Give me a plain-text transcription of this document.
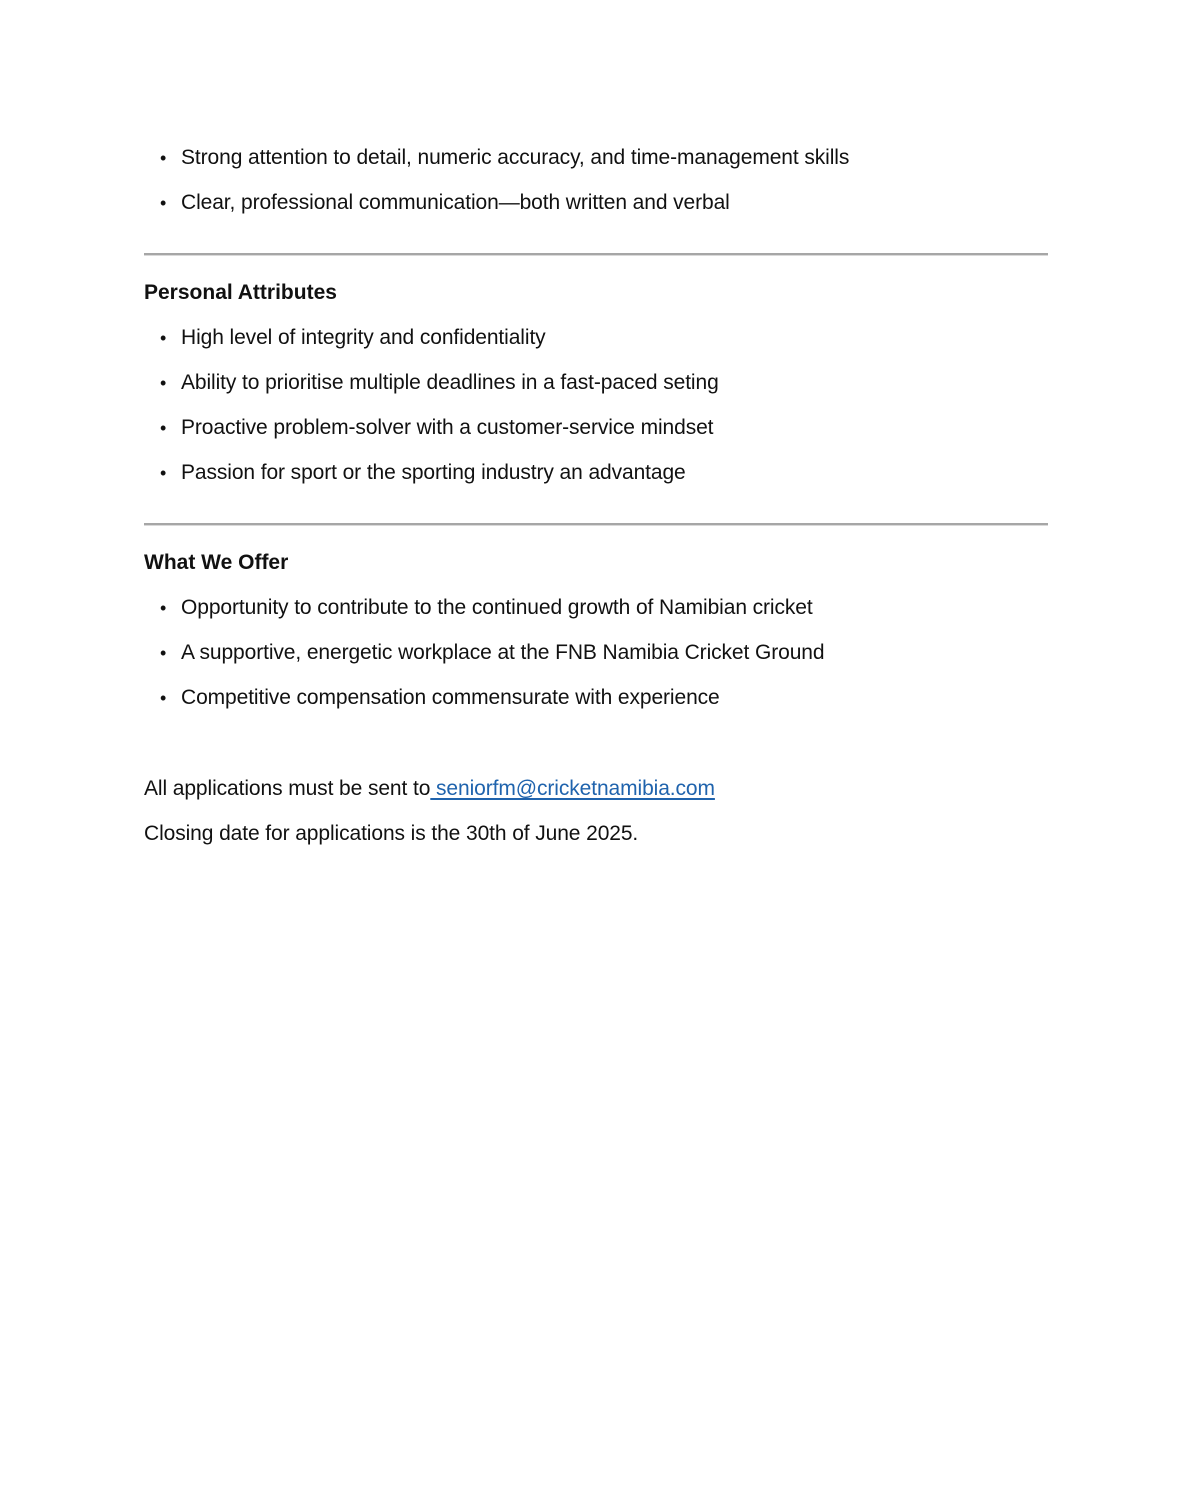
• Strong attention to detail, numeric accuracy, and time-management skills
• Clear, professional communication—both written and verbal
Personal Attributes
• High level of integrity and confidentiality
• Ability to prioritise multiple deadlines in a fast-paced seting
• Proactive problem-solver with a customer-service mindset
• Passion for sport or the sporting industry an advantage
What We Offer
• Opportunity to contribute to the continued growth of Namibian cricket
• A supportive, energetic workplace at the FNB Namibia Cricket Ground
• Competitive compensation commensurate with experience
All applications must be sent to seniorfm@cricketnamibia.com
Closing date for applications is the 30th of June 2025.
